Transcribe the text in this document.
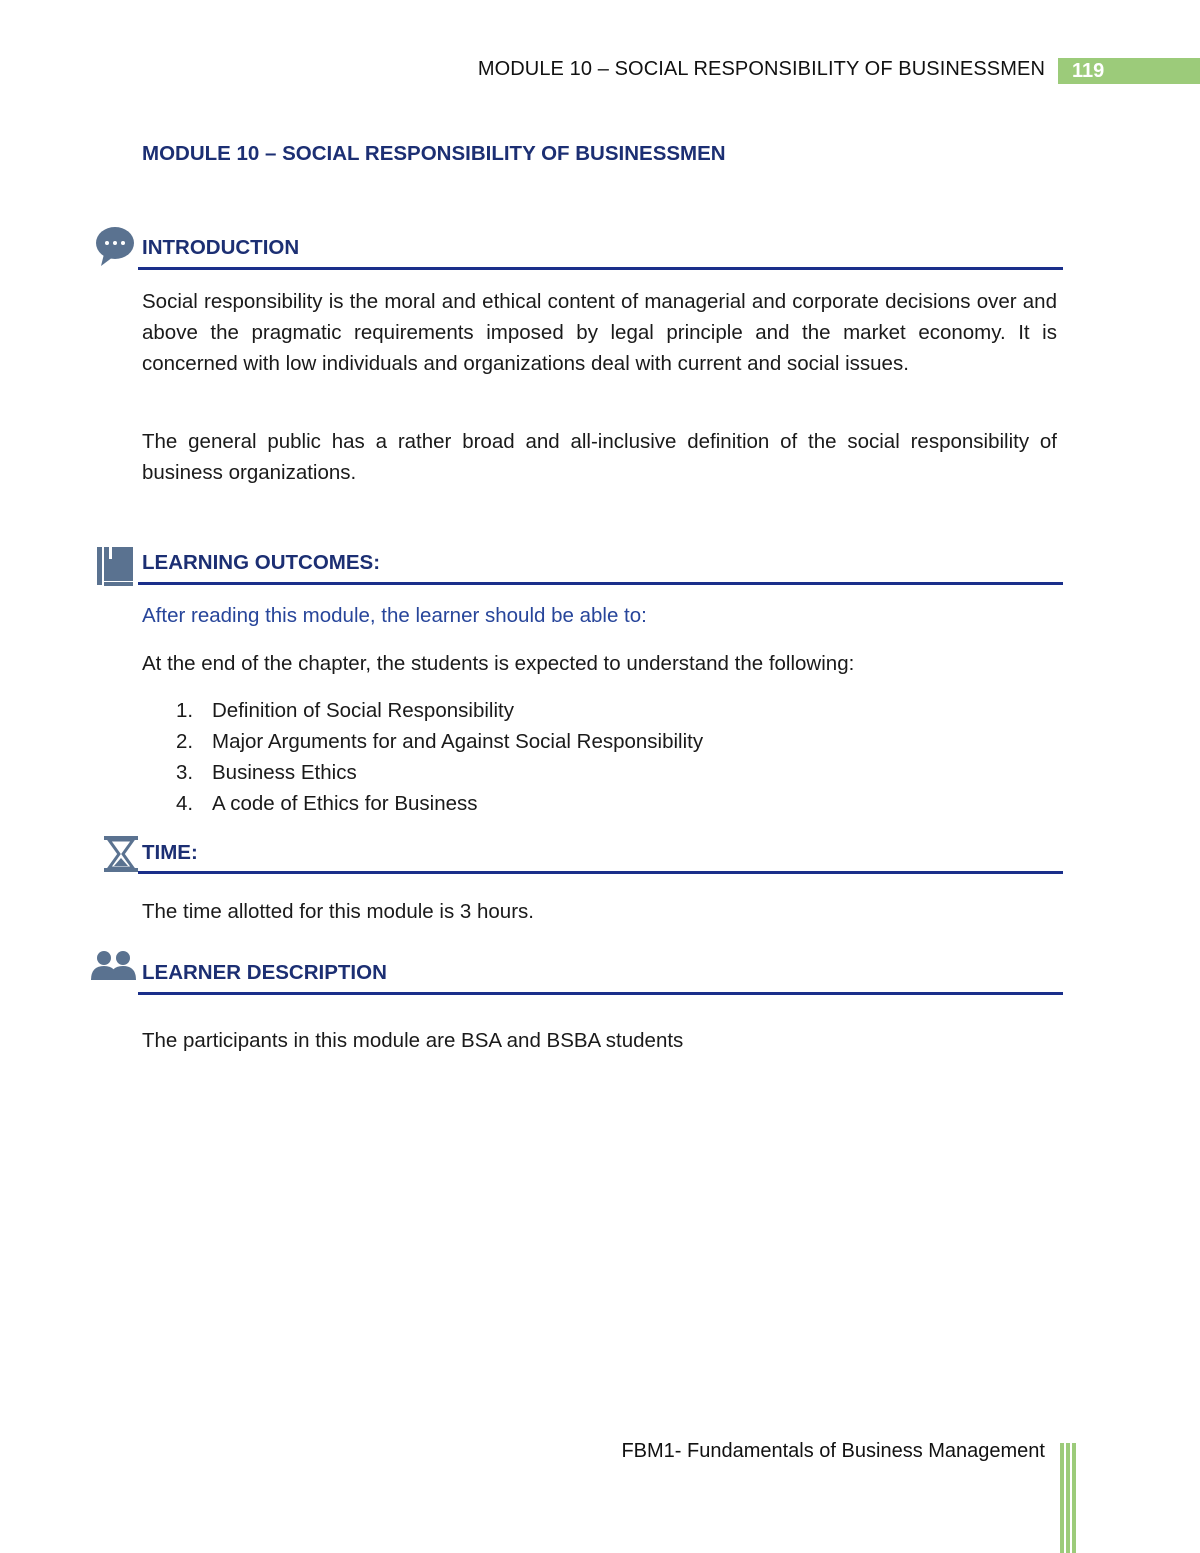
MODULE 10 – SOCIAL RESPONSIBILITY OF BUSINESSMEN	119
MODULE 10 – SOCIAL RESPONSIBILITY OF BUSINESSMEN
INTRODUCTION
Social responsibility is the moral and ethical content of managerial and corporate decisions over and above the pragmatic requirements imposed by legal principle and the market economy. It is concerned with low individuals and organizations deal with current and social issues.
The general public has a rather broad and all-inclusive definition of the social responsibility of business organizations.
LEARNING OUTCOMES:
After reading this module, the learner should be able to:
At the end of the chapter, the students is expected to understand the following:
1. Definition of Social Responsibility
2. Major Arguments for and Against Social Responsibility
3. Business Ethics
4. A code of Ethics for Business
TIME:
The time allotted for this module is 3 hours.
LEARNER DESCRIPTION
The participants in this module are BSA and BSBA students
FBM1- Fundamentals of Business Management
